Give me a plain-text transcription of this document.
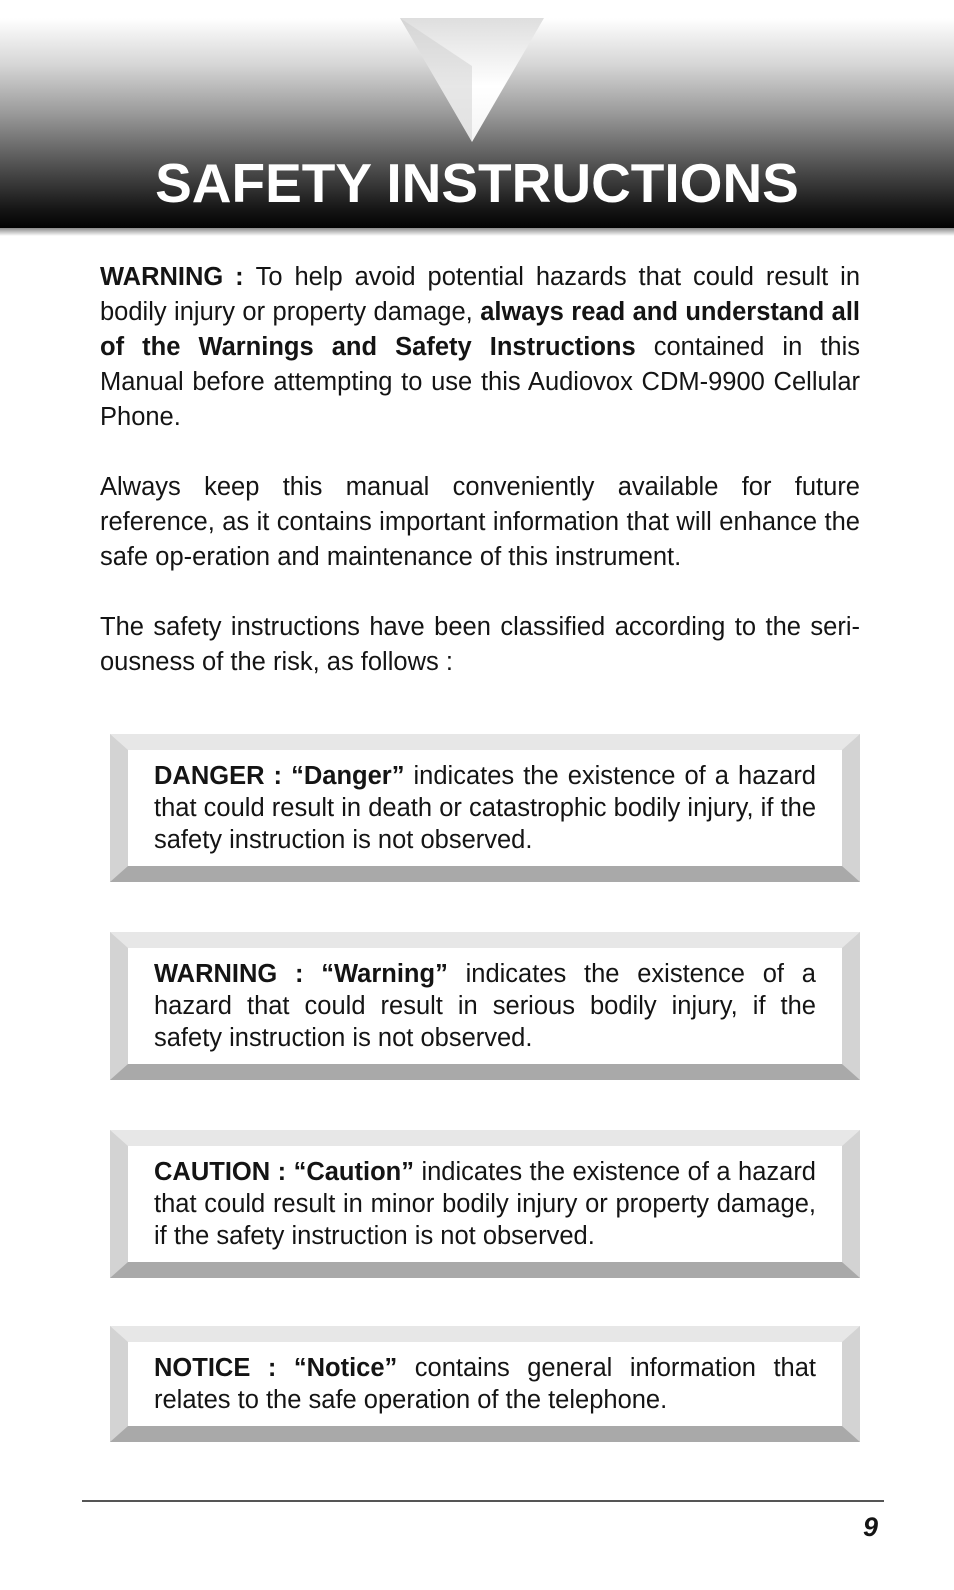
SAFETY INSTRUCTIONS

WARNING : To help avoid potential hazards that could result in bodily injury or property damage, always read and understand all of the Warnings and Safety Instructions contained in this Manual before attempting to use this Audiovox CDM-9900 Cellular Phone.

Always keep this manual conveniently available for future reference, as it contains important information that will enhance the safe op-eration and maintenance of this instrument.

The safety instructions have been classified according to the seri-ousness of the risk, as follows :

DANGER : “Danger” indicates the existence of a hazard that could result in death or catastrophic bodily injury, if the safety instruction is not observed.

WARNING : “Warning” indicates the existence of a hazard that could result in serious bodily injury, if the safety instruction is not observed.

CAUTION : “Caution” indicates the existence of a hazard that could result in minor bodily injury or property damage, if the safety instruction is not observed.

NOTICE : “Notice” contains general information that relates to the safe operation of the telephone.

9
